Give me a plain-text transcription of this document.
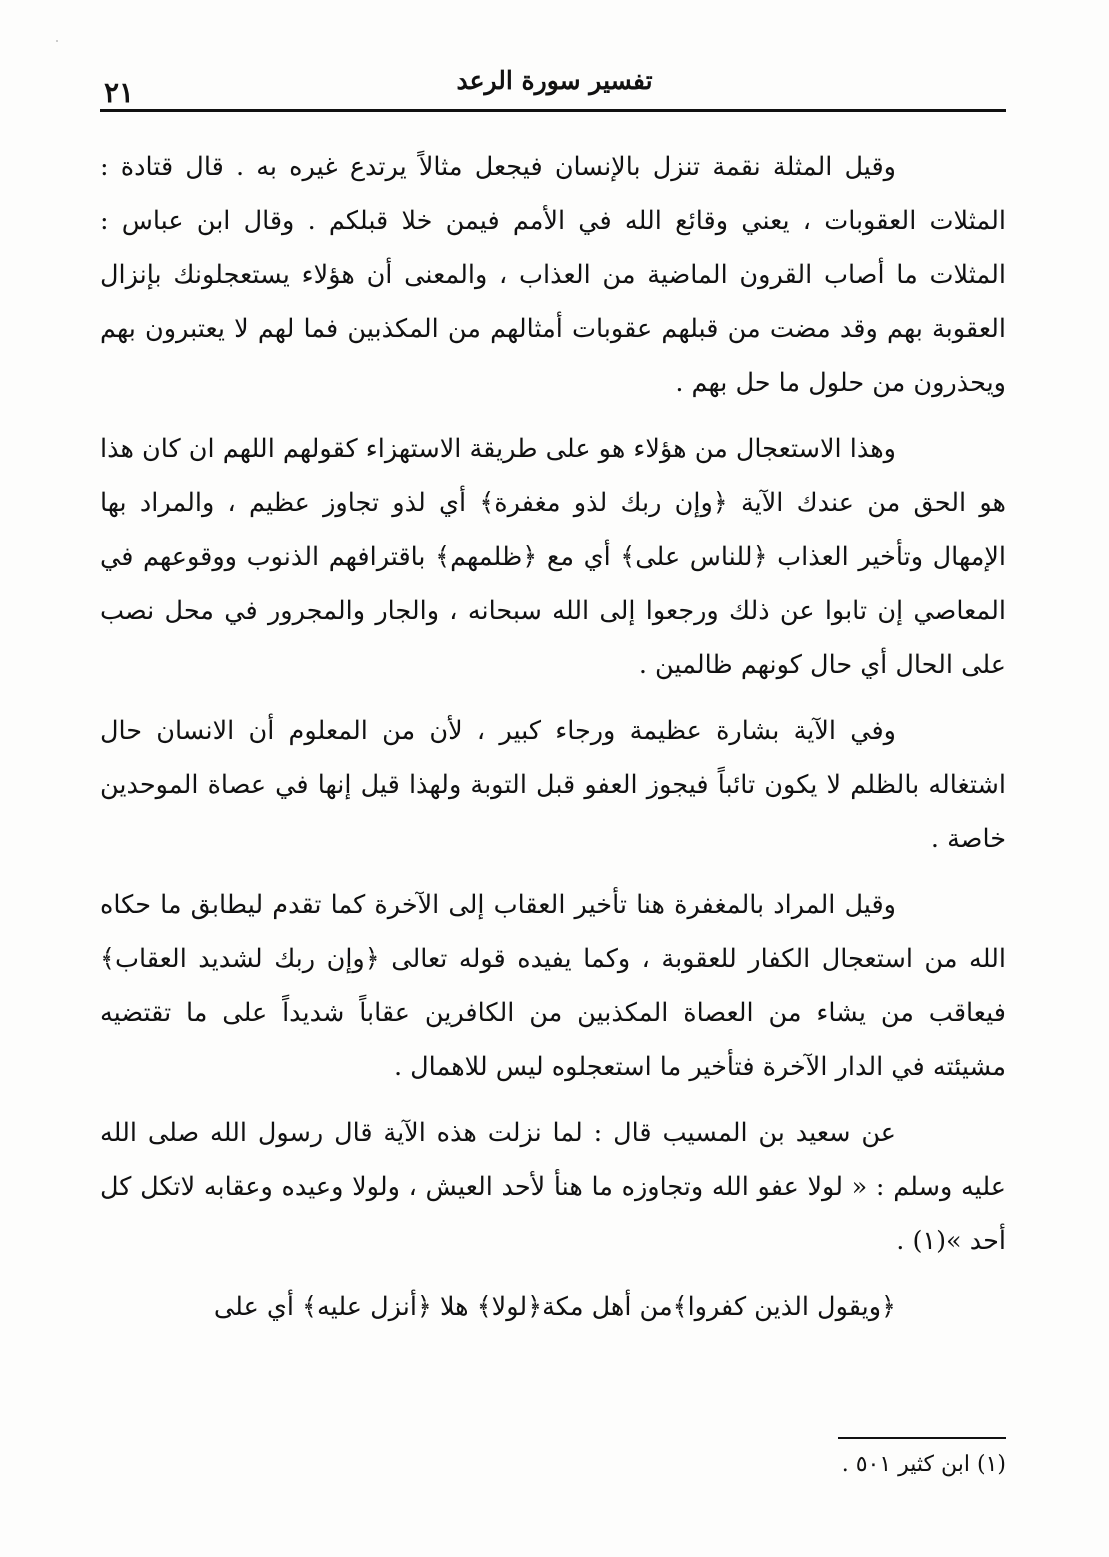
تفسير سورة الرعد
٢١

وقيل المثلة نقمة تنزل بالإنسان فيجعل مثالاً يرتدع غيره به . قال قتادة : المثلات العقوبات ، يعني وقائع الله في الأمم فيمن خلا قبلكم . وقال ابن عباس : المثلات ما أصاب القرون الماضية من العذاب ، والمعنى أن هؤلاء يستعجلونك بإنزال العقوبة بهم وقد مضت من قبلهم عقوبات أمثالهم من المكذبين فما لهم لا يعتبرون بهم ويحذرون من حلول ما حل بهم .

وهذا الاستعجال من هؤلاء هو على طريقة الاستهزاء كقولهم اللهم ان كان هذا هو الحق من عندك الآية ﴿وإن ربك لذو مغفرة﴾ أي لذو تجاوز عظيم ، والمراد بها الإمهال وتأخير العذاب ﴿للناس على﴾ أي مع ﴿ظلمهم﴾ باقترافهم الذنوب ووقوعهم في المعاصي إن تابوا عن ذلك ورجعوا إلى الله سبحانه ، والجار والمجرور في محل نصب على الحال أي حال كونهم ظالمين .

وفي الآية بشارة عظيمة ورجاء كبير ، لأن من المعلوم أن الانسان حال اشتغاله بالظلم لا يكون تائباً فيجوز العفو قبل التوبة ولهذا قيل إنها في عصاة الموحدين خاصة .

وقيل المراد بالمغفرة هنا تأخير العقاب إلى الآخرة كما تقدم ليطابق ما حكاه الله من استعجال الكفار للعقوبة ، وكما يفيده قوله تعالى ﴿وإن ربك لشديد العقاب﴾ فيعاقب من يشاء من العصاة المكذبين من الكافرين عقاباً شديداً على ما تقتضيه مشيئته في الدار الآخرة فتأخير ما استعجلوه ليس للاهمال .

عن سعيد بن المسيب قال : لما نزلت هذه الآية قال رسول الله صلى الله عليه وسلم : « لولا عفو الله وتجاوزه ما هنأ لأحد العيش ، ولولا وعيده وعقابه لاتكل كل أحد »(١) .

﴿ويقول الذين كفروا﴾من أهل مكة﴿لولا﴾ هلا ﴿أنزل عليه﴾ أي على

(١) ابن كثير ٥٠١ .
